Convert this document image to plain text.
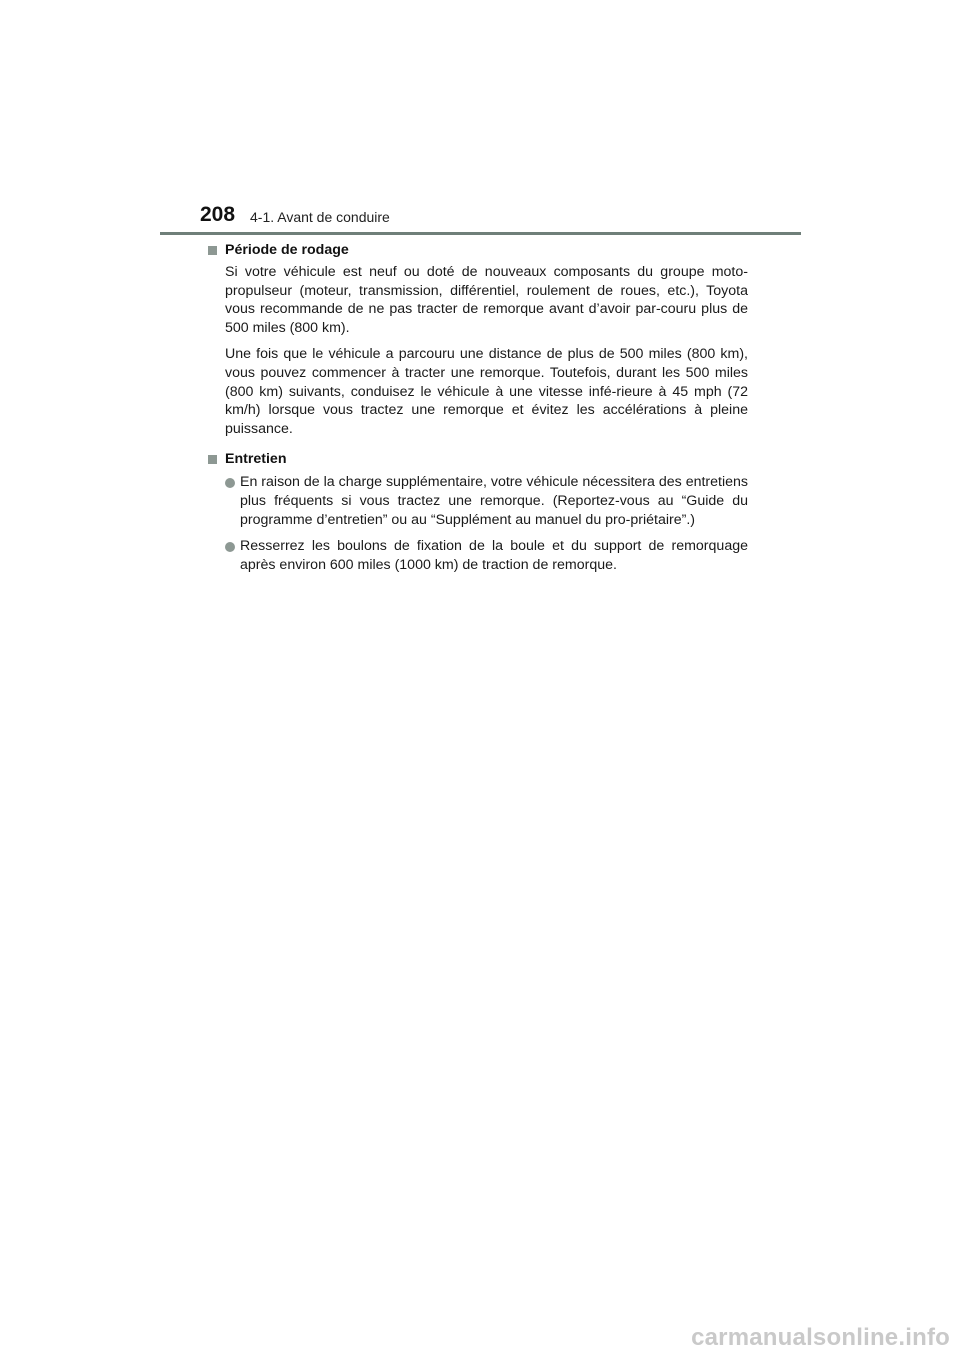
208 4-1. Avant de conduire
Période de rodage

Si votre véhicule est neuf ou doté de nouveaux composants du groupe moto-propulseur (moteur, transmission, différentiel, roulement de roues, etc.), Toyota vous recommande de ne pas tracter de remorque avant d’avoir par-couru plus de 500 miles (800 km).

Une fois que le véhicule a parcouru une distance de plus de 500 miles (800 km), vous pouvez commencer à tracter une remorque. Toutefois, durant les 500 miles (800 km) suivants, conduisez le véhicule à une vitesse infé-rieure à 45 mph (72 km/h) lorsque vous tractez une remorque et évitez les accélérations à pleine puissance.

Entretien
En raison de la charge supplémentaire, votre véhicule nécessitera des entretiens plus fréquents si vous tractez une remorque. (Reportez-vous au “Guide du programme d’entretien” ou au “Supplément au manuel du pro-priétaire”.)
Resserrez les boulons de fixation de la boule et du support de remorquage après environ 600 miles (1000 km) de traction de remorque.
carmanualsonline.info
